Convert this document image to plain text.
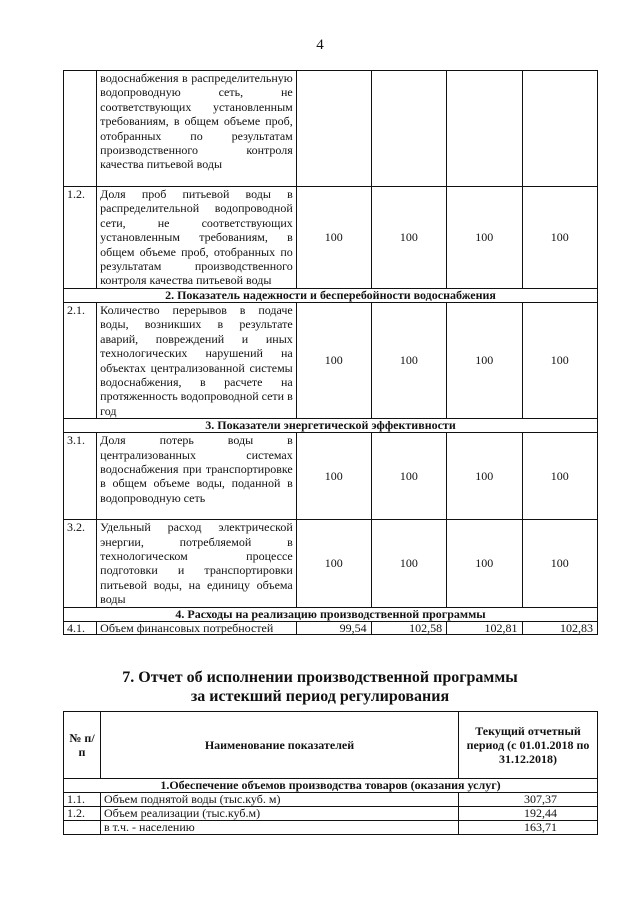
4
	водоснабжения в распределительную водопроводную сеть, не соответствующих установленным требованиям, в общем объеме проб, отобранных по результатам производственного контроля качества питьевой воды				
1.2.	Доля проб питьевой воды в распределительной водопроводной сети, не соответствующих установленным требованиям, в общем объеме проб, отобранных по результатам производственного контроля качества питьевой воды	100	100	100	100
2. Показатель надежности и бесперебойности водоснабжения					
2.1.	Количество перерывов в подаче воды, возникших в результате аварий, повреждений и иных технологических нарушений на объектах централизованной системы водоснабжения, в расчете на протяженность водопроводной сети в год	100	100	100	100
3. Показатели энергетической эффективности					
3.1.	Доля потерь воды в централизованных системах водоснабжения при транспортировке в общем объеме воды, поданной в водопроводную сеть	100	100	100	100
3.2.	Удельный расход электрической энергии, потребляемой в технологическом процессе подготовки и транспортировки питьевой воды, на единицу объема воды	100	100	100	100
4. Расходы на реализацию производственной программы					
4.1.	Объем финансовых потребностей	99,54	102,58	102,81	102,83
7. Отчет об исполнении производственной программы
за истекший период регулирования
№ п/п	Наименование показателей	Текущий отчетный период (с 01.01.2018 по 31.12.2018)
1.Обеспечение объемов производства товаров (оказания услуг)		
1.1.	Объем поднятой воды (тыс.куб. м)	307,37
1.2.	Объем реализации (тыс.куб.м)	192,44
	в т.ч. - населению	163,71
